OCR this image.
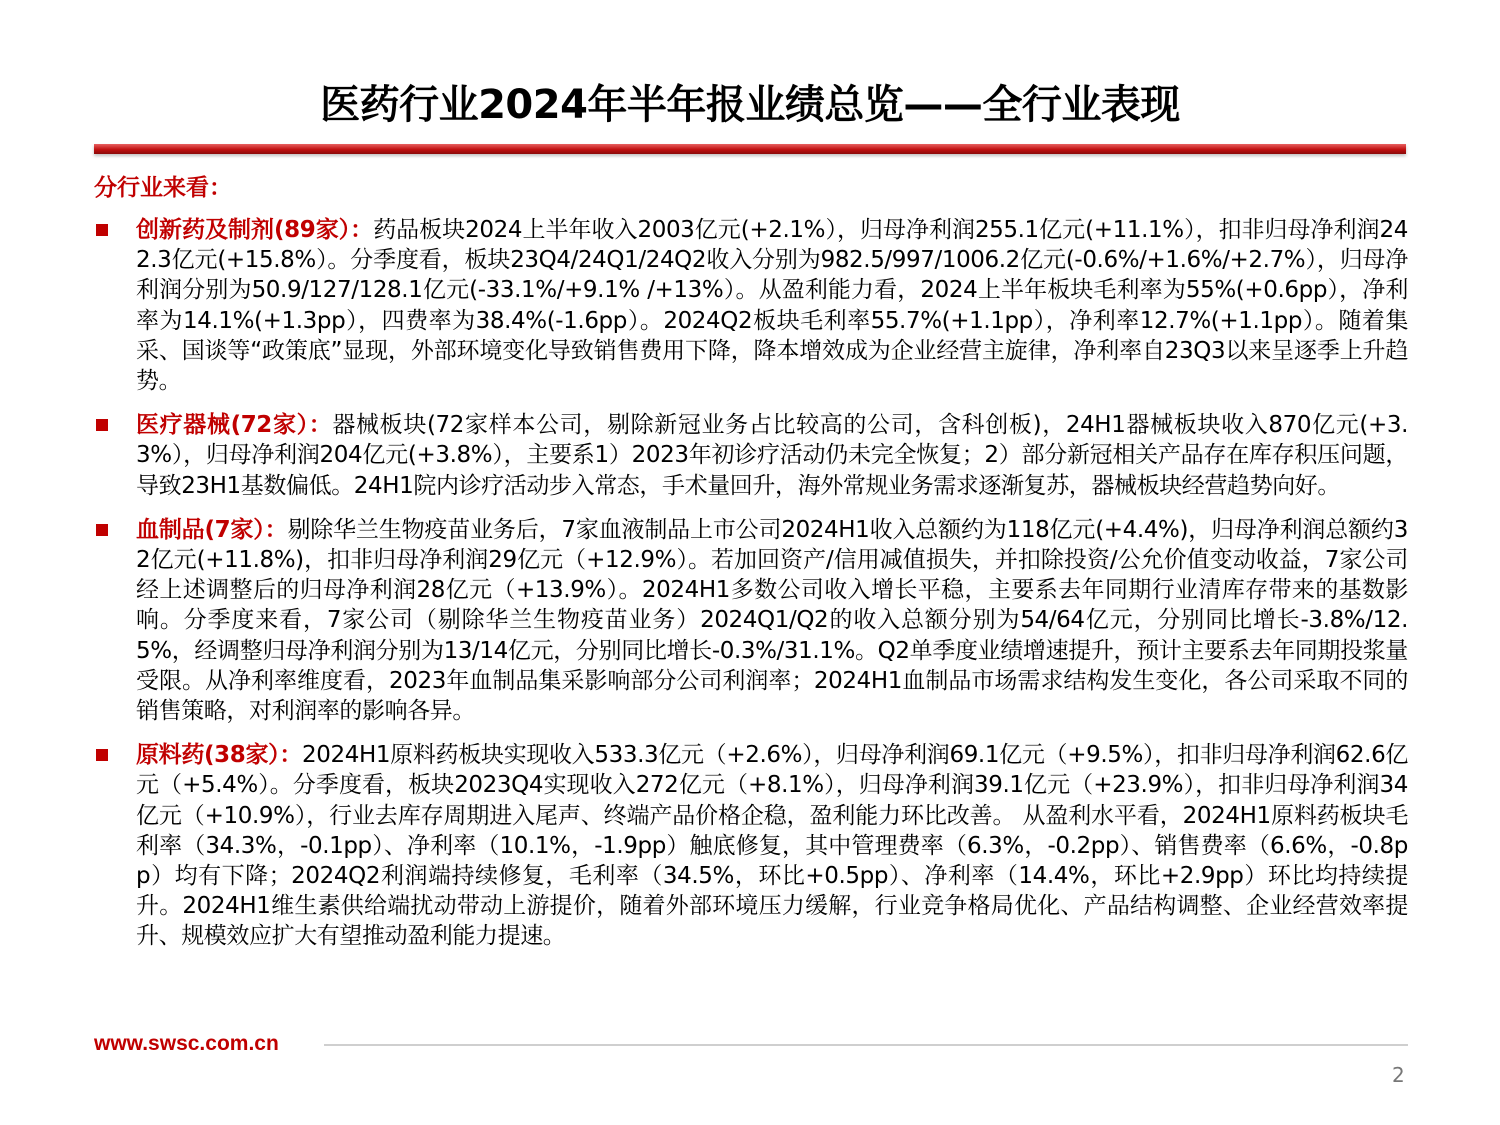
医药行业2024年半年报业绩总览——全行业表现
分行业来看：
创新药及制剂(89家）：药品板块2024上半年收入2003亿元(+2.1%），归母净利润255.1亿元(+11.1%），扣非归母净利润242.3亿元(+15.8%）。分季度看，板块23Q4/24Q1/24Q2收入分别为982.5/997/1006.2亿元(-0.6%/+1.6%/+2.7%），归母净利润分别为50.9/127/128.1亿元(-33.1%/+9.1% /+13%）。从盈利能力看，2024上半年板块毛利率为55%(+0.6pp），净利率为14.1%(+1.3pp），四费率为38.4%(-1.6pp）。2024Q2板块毛利率55.7%(+1.1pp），净利率12.7%(+1.1pp）。随着集采、国谈等“政策底”显现，外部环境变化导致销售费用下降，降本增效成为企业经营主旋律，净利率自23Q3以来呈逐季上升趋势。
医疗器械(72家）：器械板块(72家样本公司，剔除新冠业务占比较高的公司，含科创板)，24H1器械板块收入870亿元(+3.3%），归母净利润204亿元(+3.8%），主要系1）2023年初诊疗活动仍未完全恢复；2）部分新冠相关产品存在库存积压问题，导致23H1基数偏低。24H1院内诊疗活动步入常态，手术量回升，海外常规业务需求逐渐复苏，器械板块经营趋势向好。
血制品(7家）：剔除华兰生物疫苗业务后，7家血液制品上市公司2024H1收入总额约为118亿元(+4.4%)，归母净利润总额约32亿元(+11.8%)，扣非归母净利润29亿元（+12.9%）。若加回资产/信用减值损失，并扣除投资/公允价值变动收益，7家公司经上述调整后的归母净利润28亿元（+13.9%）。2024H1多数公司收入增长平稳，主要系去年同期行业清库存带来的基数影响。分季度来看，7家公司（剔除华兰生物疫苗业务）2024Q1/Q2的收入总额分别为54/64亿元，分别同比增长-3.8%/12.5%，经调整归母净利润分别为13/14亿元，分别同比增长-0.3%/31.1%。Q2单季度业绩增速提升，预计主要系去年同期投浆量受限。从净利率维度看，2023年血制品集采影响部分公司利润率；2024H1血制品市场需求结构发生变化，各公司采取不同的销售策略，对利润率的影响各异。
原料药(38家）：2024H1原料药板块实现收入533.3亿元（+2.6%），归母净利润69.1亿元（+9.5%），扣非归母净利润62.6亿元（+5.4%）。分季度看，板块2023Q4实现收入272亿元（+8.1%），归母净利润39.1亿元（+23.9%），扣非归母净利润34亿元（+10.9%），行业去库存周期进入尾声、终端产品价格企稳，盈利能力环比改善。 从盈利水平看，2024H1原料药板块毛利率（34.3%，-0.1pp）、净利率（10.1%，-1.9pp）触底修复，其中管理费率（6.3%，-0.2pp）、销售费率（6.6%，-0.8pp）均有下降；2024Q2利润端持续修复，毛利率（34.5%，环比+0.5pp）、净利率（14.4%，环比+2.9pp）环比均持续提升。2024H1维生素供给端扰动带动上游提价，随着外部环境压力缓解，行业竞争格局优化、产品结构调整、企业经营效率提升、规模效应扩大有望推动盈利能力提速。
www.swsc.com.cn
2
